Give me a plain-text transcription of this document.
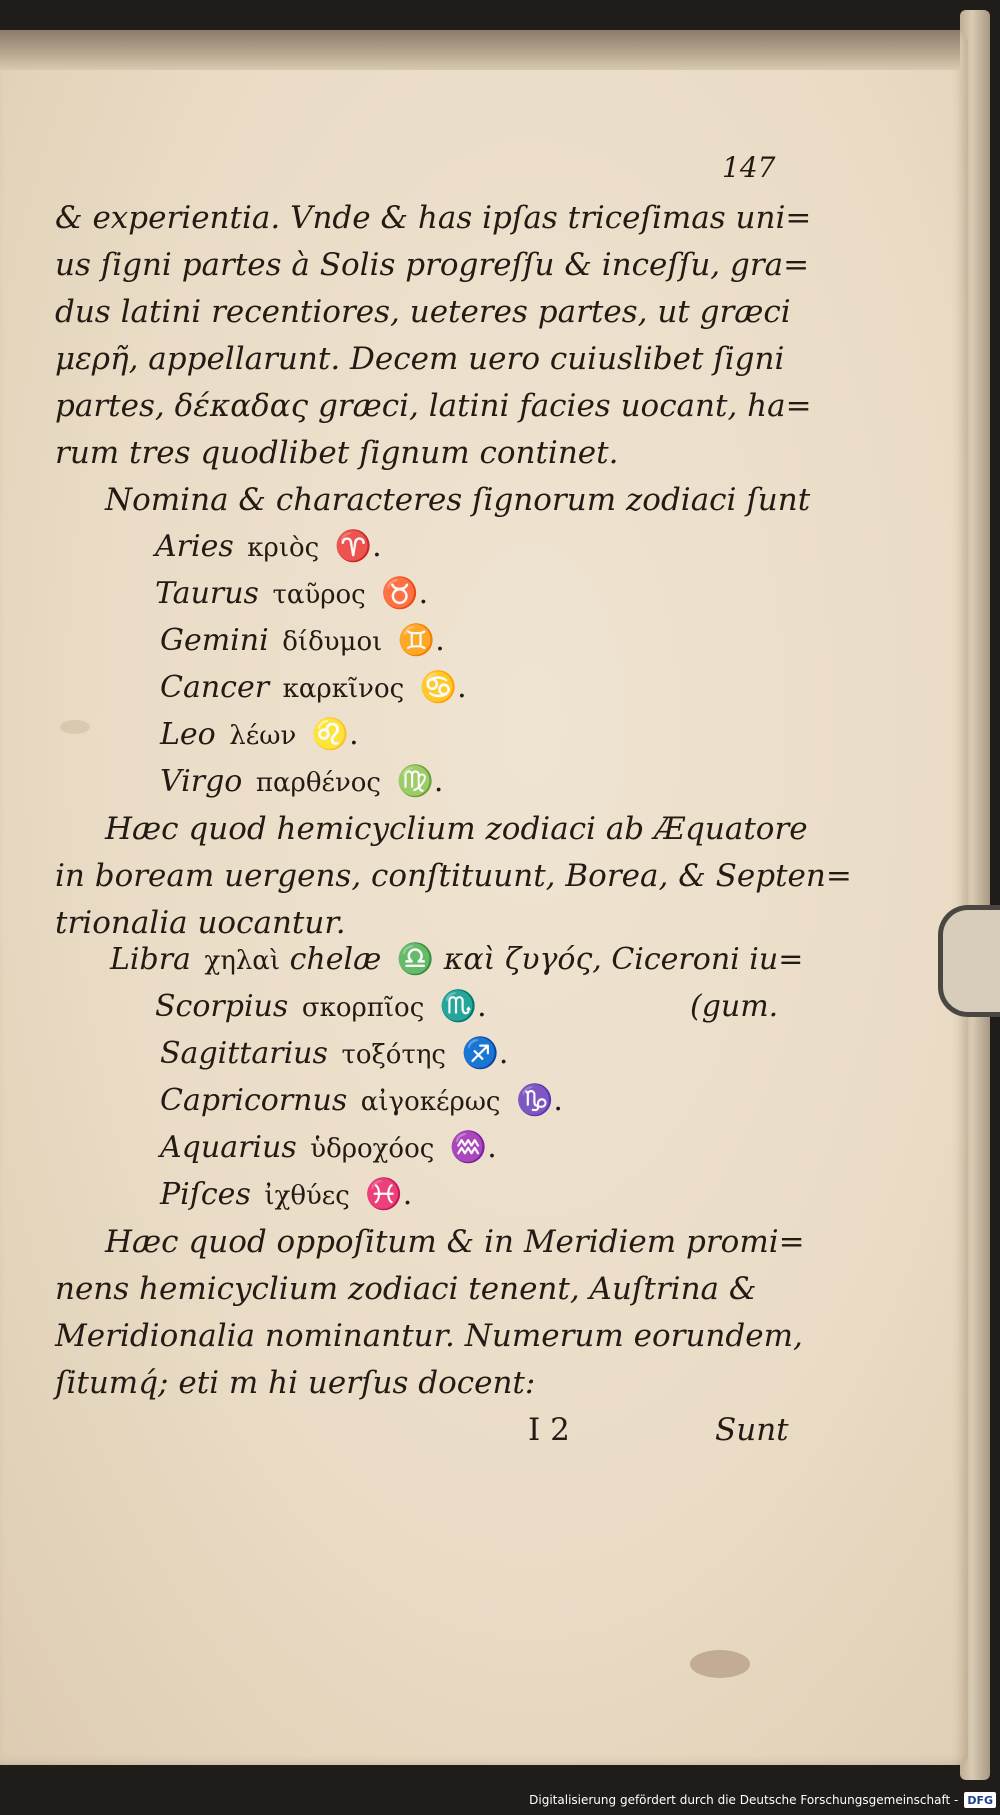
147
& experientia. Vnde & has ipſas triceſimas uni=
us ſigni partes à Solis progreſſu & inceſſu, gra=
dus latini recentiores, ueteres partes, ut græci
μερῆ, appellarunt. Decem uero cuiuslibet ſigni
partes, δέκαδας græci, latini facies uocant, ha=
rum tres quodlibet ſignum continet.
Nomina & characteres ſignorum zodiaci ſunt
Aries κριὸς ♈.
Taurus ταῦρος ♉.
Gemini δίδυμοι ♊.
Cancer καρκῖνος ♋.
Leo λέων ♌.
Virgo παρθένος ♍.
Hæc quod hemicyclium zodiaci ab Æquatore
in boream uergens, conſtituunt, Borea, & Septen=
trionalia uocantur.
Libra χηλαὶ chelæ ♎ καὶ ζυγός, Ciceroni iu=
(gum.
Scorpius σκορπῖος ♏.
Sagittarius τοξότης ♐.
Capricornus αἰγοκέρως ♑.
Aquarius ὑδροχόος ♒.
Piſces ἰχθύες ♓.
Hæc quod oppoſitum & in Meridiem promi=
nens hemicyclium zodiaci tenent, Auſtrina &
Meridionalia nominantur. Numerum eorundem,
ſitumq́; eti m hi uerſus docent:
I 2	Sunt
Digitalisierung gefördert durch die Deutsche Forschungsgemeinschaft - DFG
